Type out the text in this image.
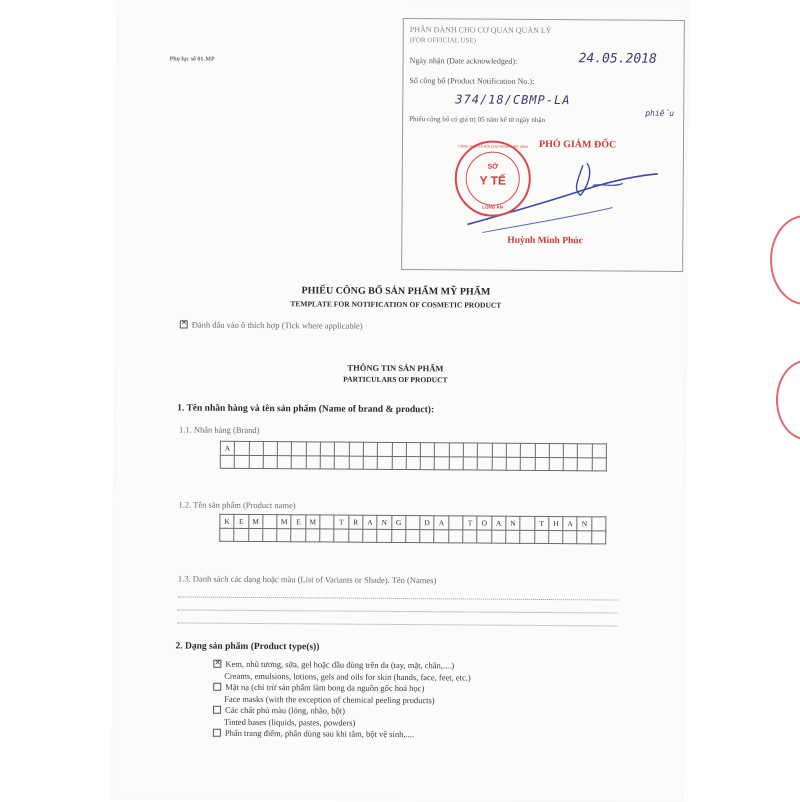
Phụ lục số 01-MP
PHẦN DÀNH CHO CƠ QUAN QUẢN LÝ
(FOR OFFICIAL USE)
Ngày nhận (Date acknowledged):	24.05.2018
Số công bố (Product Notification No.):
374/18/CBMP-LA
Phiếu công bố có giá trị 05 năm kể từ ngày nhận
phiếu
PHÓ GIÁM ĐỐC
Huỳnh Minh Phúc
SỞ
Y TẾ
CỘNG HÒA XÃ HỘI CHỦ NGHĨA VIỆT NAM
LONG AN
PHIẾU CÔNG BỐ SẢN PHẨM MỸ PHẨM
TEMPLATE FOR NOTIFICATION OF COSMETIC PRODUCT
×Đánh dấu vào ô thích hợp (Tick where applicable)
THÔNG TIN SẢN PHẨM
PARTICULARS OF PRODUCT
1. Tên nhãn hàng và tên sản phẩm (Name of brand & product):
1.1. Nhãn hàng (Brand)
A																										

1.2. Tên sản phẩm (Product name)
K	E	M		M	E	M		T	R	A	N	G		D	A		T	O	A	N		T	H	A	N	

1.3. Danh sách các dạng hoặc màu (List of Variants or Shade). Tên (Names)
2. Dạng sản phẩm (Product type(s))
×Kem, nhũ tương, sữa, gel hoặc dầu dùng trên da (tay, mặt, chân,....)
Creams, emulsions, lotions, gels and oils for skin (hands, face, feet, etc.)
Mặt nạ (chỉ trừ sản phẩm làm bong da nguồn gốc hoá học)
Face masks (with the exception of chemical peeling products)
Các chất phủ màu (lỏng, nhão, bột)
Tinted bases (liquids, pastes, powders)
Phấn trang điểm, phấn dùng sau khi tắm, bột vệ sinh,....
